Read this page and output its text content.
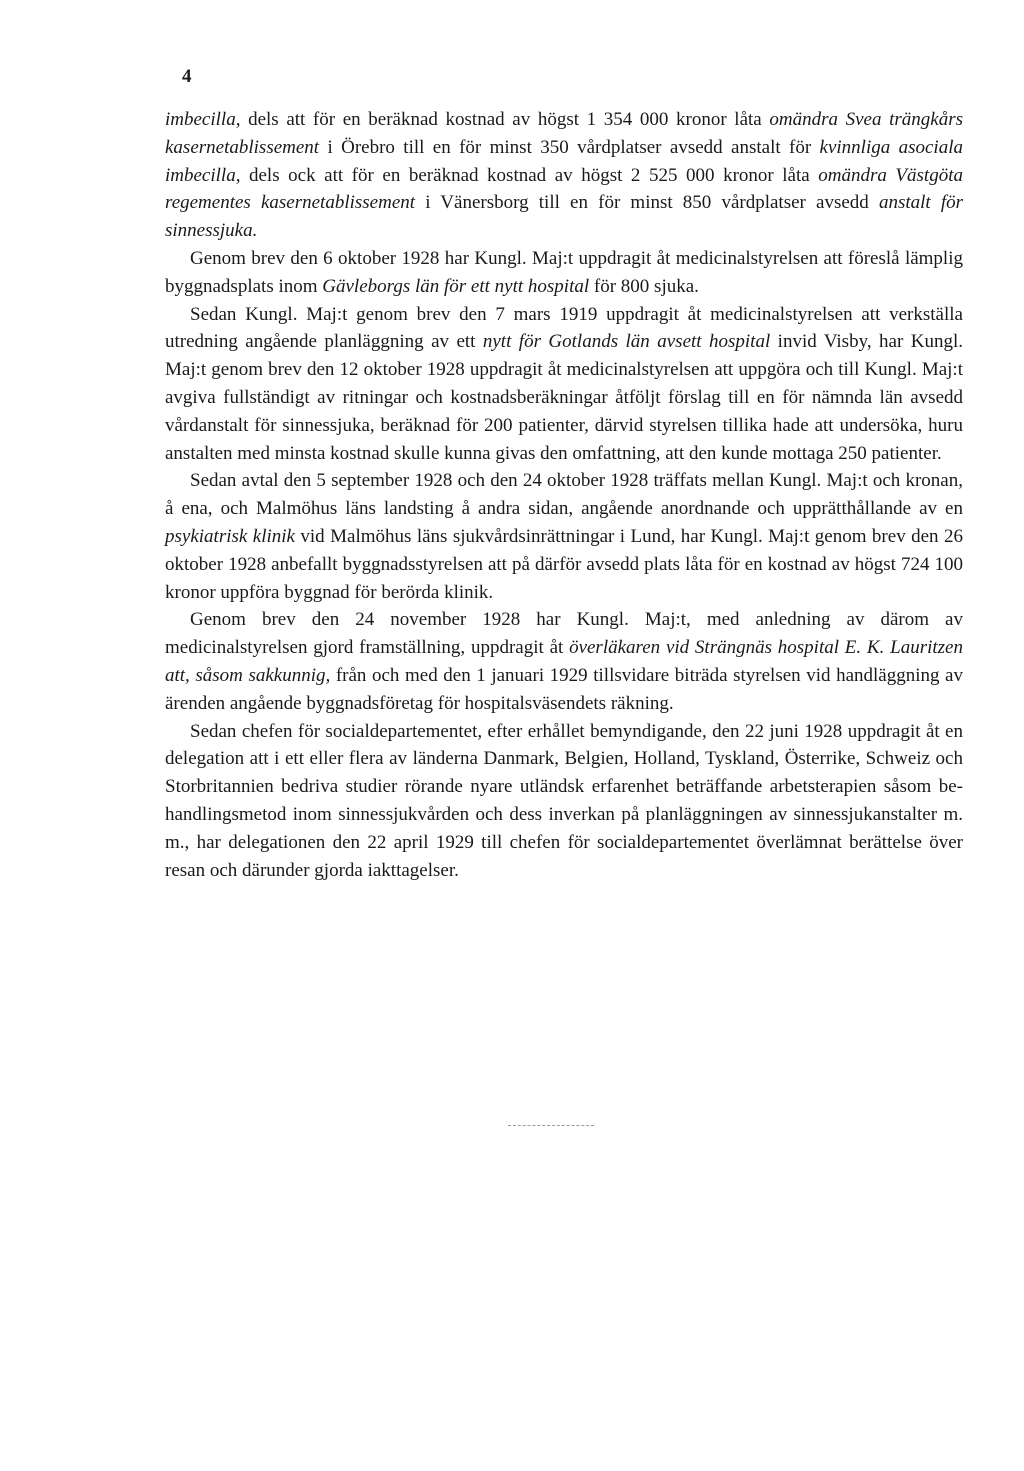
4

imbecilla, dels att för en beräknad kostnad av högst 1 354 000 kronor låta omändra Svea trängkårs kasernetablissement i Örebro till en för minst 350 vårdplatser avsedd anstalt för kvinnliga asociala imbecilla, dels ock att för en beräknad kostnad av högst 2 525 000 kronor låta omändra Västgöta regementes kasernetablissement i Vänersborg till en för minst 850 vårdplatser avsedd anstalt för sinnessjuka.

Genom brev den 6 oktober 1928 har Kungl. Maj:t uppdragit åt medicinalstyrelsen att föreslå lämplig byggnadsplats inom Gävleborgs län för ett nytt hospital för 800 sjuka.

Sedan Kungl. Maj:t genom brev den 7 mars 1919 uppdragit åt medicinalstyrelsen att verkställa utredning angående planläggning av ett nytt för Gotlands län avsett hospital invid Visby, har Kungl. Maj:t genom brev den 12 oktober 1928 uppdragit åt medicinalstyrelsen att uppgöra och till Kungl. Maj:t avgiva fullständigt av ritningar och kostnadsberäkningar åtföljt förslag till en för nämnda län avsedd vårdanstalt för sinnessjuka, beräknad för 200 patienter, därvid styrelsen tillika hade att undersöka, huru anstalten med minsta kostnad skulle kunna givas den omfattning, att den kunde mottaga 250 patienter.

Sedan avtal den 5 september 1928 och den 24 oktober 1928 träffats mellan Kungl. Maj:t och kronan, å ena, och Malmöhus läns landsting å andra sidan, angående anordnande och upprätthållande av en psykiatrisk klinik vid Malmöhus läns sjukvårdsinrättningar i Lund, har Kungl. Maj:t genom brev den 26 oktober 1928 anbefallt byggnadsstyrelsen att på därför avsedd plats låta för en kostnad av högst 724 100 kronor uppföra byggnad för berörda klinik.

Genom brev den 24 november 1928 har Kungl. Maj:t, med anledning av därom av medicinalstyrelsen gjord framställning, uppdragit åt överläkaren vid Strängnäs hospital E. K. Lauritzen att, såsom sakkunnig, från och med den 1 januari 1929 tillsvidare biträda styrelsen vid handläggning av ärenden angående byggnadsföretag för hospitalsväsendets räkning.

Sedan chefen för socialdepartementet, efter erhållet bemyndigande, den 22 juni 1928 uppdragit åt en delegation att i ett eller flera av länderna Danmark, Belgien, Holland, Tyskland, Österrike, Schweiz och Storbritannien bedriva studier rörande nyare utländsk erfarenhet beträffande arbetsterapien såsom behandlingsmetod inom sinnessjukvården och dess inverkan på planläggningen av sinnessjukanstalter m. m., har delegationen den 22 april 1929 till chefen för socialdepartementet överlämnat berättelse över resan och därunder gjorda iakttagelser.
